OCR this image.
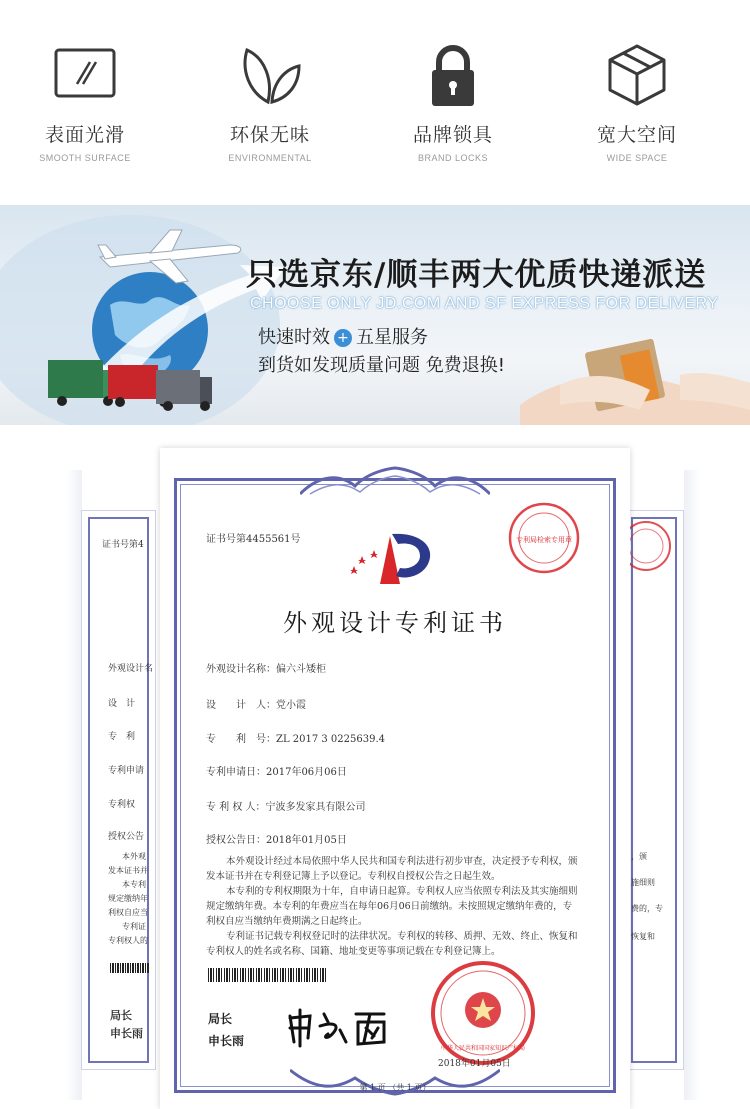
表面光滑
SMOOTH SURFACE
环保无味
ENVIRONMENTAL
品牌锁具
BRAND LOCKS
宽大空间
WIDE SPACE
只选京东/顺丰两大优质快递派送
CHOOSE ONLY JD.COM AND SF EXPRESS FOR DELIVERY
快速时效 + 五星服务
到货如发现质量问题 免费退换!
证书号第4
外观设计名
设　计
专　利
专利申请
专利权
授权公告
本外观
发本证书并
本专利
规定缴纳年
利权自应当
专利证
专利权人的
局长
申长雨
，颁
施细则
费的，专
恢复和
证书号第4455561号
外观设计专利证书
专利局检索专用章
外观设计名称：偏六斗矮柜
设　　计　人：党小霞
专　　利　号：ZL 2017 3 0225639.4
专利申请日：2017年06月06日
专 利 权 人：宁波多发家具有限公司
授权公告日：2018年01月05日
本外观设计经过本局依照中华人民共和国专利法进行初步审查，决定授予专利权，颁
发本证书并在专利登记簿上予以登记。专利权自授权公告之日起生效。
本专利的专利权期限为十年，自申请日起算。专利权人应当依照专利法及其实施细则
规定缴纳年费。本专利的年费应当在每年06月06日前缴纳。未按照规定缴纳年费的，专
利权自应当缴纳年费期满之日起终止。
专利证书记载专利权登记时的法律状况。专利权的转移、质押、无效、终止、恢复和
专利权人的姓名或名称、国籍、地址变更等事项记载在专利登记簿上。
局长
申长雨
中华人民共和国国家知识产权局
2018年01月05日
第 1 页 （共 1 页）
